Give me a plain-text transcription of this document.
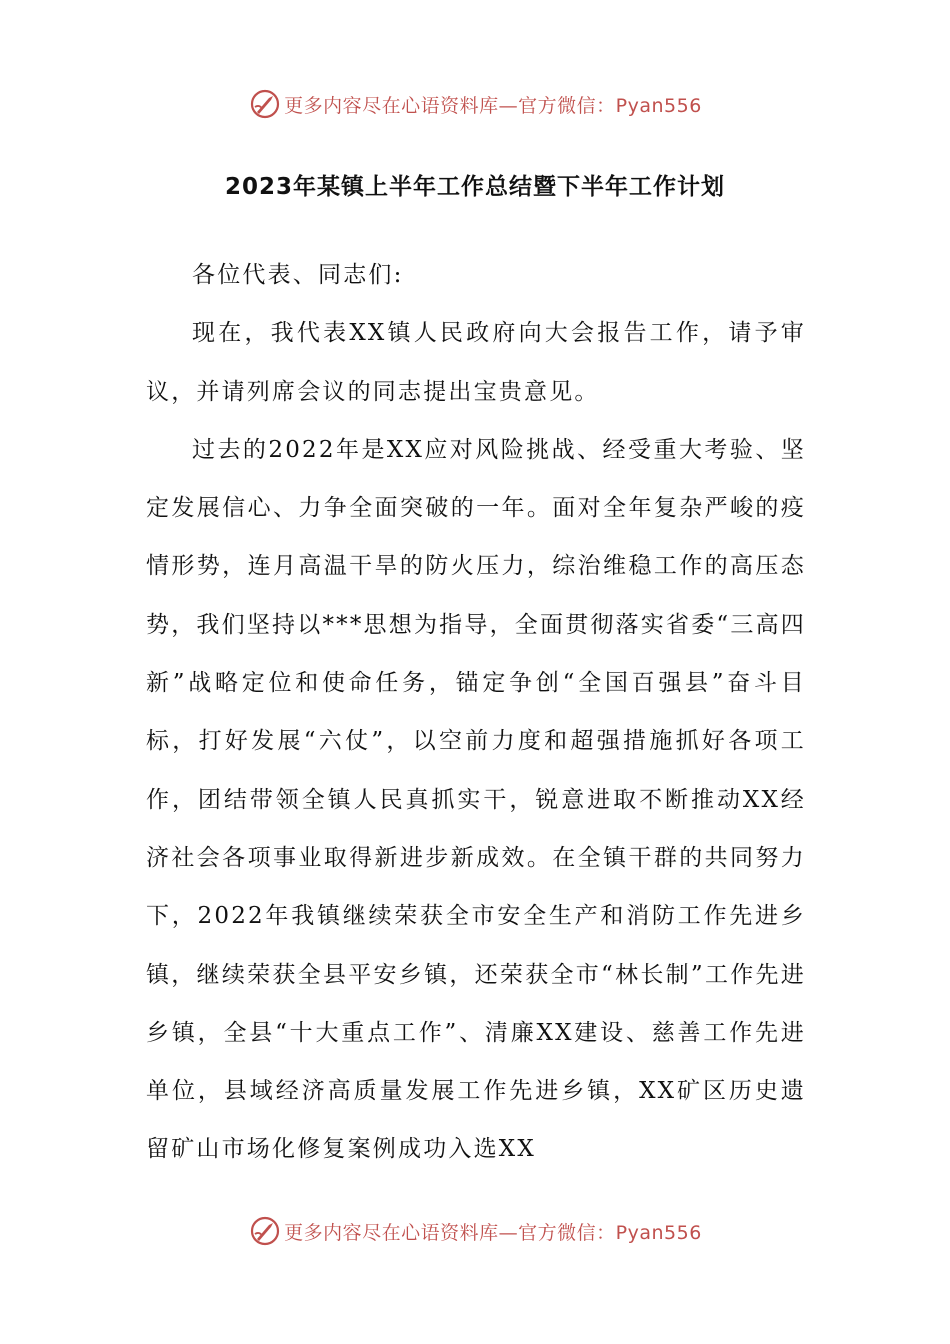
更多内容尽在心语资料库—官方微信：Pyan556
2023年某镇上半年工作总结暨下半年工作计划

各位代表、同志们:

现在，我代表XX镇人民政府向大会报告工作，请予审议，并请列席会议的同志提出宝贵意见。

过去的2022年是XX应对风险挑战、经受重大考验、坚定发展信心、力争全面突破的一年。面对全年复杂严峻的疫情形势，连月高温干旱的防火压力，综治维稳工作的高压态势，我们坚持以***思想为指导，全面贯彻落实省委“三高四新”战略定位和使命任务，锚定争创“全国百强县”奋斗目标，打好发展“六仗”，以空前力度和超强措施抓好各项工作，团结带领全镇人民真抓实干，锐意进取不断推动XX经济社会各项事业取得新进步新成效。在全镇干群的共同努力下，2022年我镇继续荣获全市安全生产和消防工作先进乡镇，继续荣获全县平安乡镇，还荣获全市“林长制”工作先进乡镇，全县“十大重点工作”、清廉XX建设、慈善工作先进单位，县域经济高质量发展工作先进乡镇，XX矿区历史遗留矿山市场化修复案例成功入选XX

更多内容尽在心语资料库—官方微信：Pyan556
